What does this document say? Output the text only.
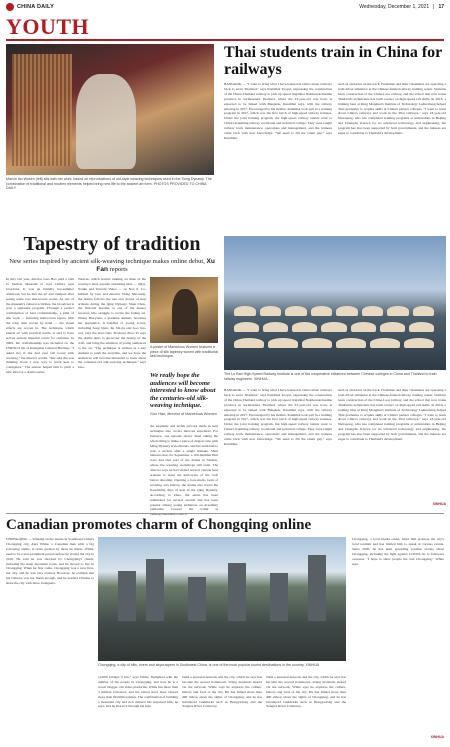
CHINA DAILY	Wednesday, December 1, 2021 | 17
YOUTH
Marvin lan Wosen (left) sits with her work, based on reproductions of old-style weaving techniques used in the Song Dynasty. The combination of traditional and modern elements helped bring new life to the ancient art form. PHOTOS PROVIDED TO CHINA DAILY
Thai students train in China for railways
BANGKOK — "I want to bring what I have learned in China about railways back to serve Thailand," says Kantithat Taoyai, expressing the construction of the China-Thailand railway to pick up speed. Rajabhat Nakhonratchasima province in northeastern Thailand, where the 23-year-old was born, is expected to be linked with Bangkok, Kantithat says, with the railway entering in 2017. Encouraged by his mother, Kantithat took part in a training program in 2017, which was the first batch of high-speed railway trainees. Under the joint training program, the high-speed railway talents went to China's Kunming railway vocational and technical college. They were taught railway track maintenance, operations and management, and the trainees came back with new knowledge. "We need to fill the talent gap," says Kantithat.
such as obstacles on the track. Freshmen and their classmates are operating a train driver simulator at the Chinese-funded railway training center. Students learn construction of the China-Laos railway, and the school that now trains Thailand's technicians has built contact on high-speed rail skills. In 2016, a training base at King Mongkut's Institute of Technology Ladkrabang helped Thai graduates to acquire skills at China's partner colleges. "I want to learn about China's railways and work in the Thai railways," says 23-year-old Nuttapong, who has completed training programs at universities in Beijing and Chengdu. Known for its advanced technology and engineering, the program has also been supported by both governments, and the trainees are eager to contribute to Thailand's development.
The Lu Ban High-Speed Railway Institute is one of the cooperative initiatives between Chinese colleges in China and Thailand to train railway engineers. XINHUA
BANGKOK — "I want to bring what I have learned in China about railways back to serve Thailand," says Kantithat Taoyai, expressing the construction of the China-Thailand railway to pick up speed. Rajabhat Nakhonratchasima province in northeastern Thailand, where the 23-year-old was born, is expected to be linked with Bangkok, Kantithat says, with the railway entering in 2017. Encouraged by his mother, Kantithat took part in a training program in 2017, which was the first batch of high-speed railway trainees. Under the joint training program, the high-speed railway talents went to China's Kunming railway vocational and technical college. They were taught railway track maintenance, operations and management, and the trainees came back with new knowledge. "We need to fill the talent gap," says Kantithat.
such as obstacles on the track. Freshmen and their classmates are operating a train driver simulator at the Chinese-funded railway training center. Students learn construction of the China-Laos railway, and the school that now trains Thailand's technicians has built contact on high-speed rail skills. In 2016, a training base at King Mongkut's Institute of Technology Ladkrabang helped Thai graduates to acquire skills at China's partner colleges. "I want to learn about China's railways and work in the Thai railways," says 23-year-old Nuttapong, who has completed training programs at universities in Beijing and Chengdu. Known for its advanced technology and engineering, the program has also been supported by both governments, and the trainees are eager to contribute to Thailand's development.
XINHUA
Tapestry of tradition
New series inspired by ancient silk-weaving technique makes online debut, Xu Fan reports
In July last year, director Guo Hao paid a visit to Suzhou Museum to host China's kesi broadcast. It was an initially hot-summer afternoon, but he met the art and trumped after seeing some rare silk-woven works. As one of the museum's cultural activities, the broadcast is now a signature program. Through a perfect combination of kesi craftsmanship, a kind of silk work — featuring interwoven layers, with the warp then woven by hand — the visual effects are woven in. The technique, which blends art with practical needs, is said to have served ancient imperial courts for centuries. In 2009, the craftsmanship was included on the UNESCO list of Intangible Cultural Heritage. "I asked her if she had ever felt bored with weaving," the director recalls. "She said she was thinking about a new way to teach kesi to youngsters." The answer helped him to pitch a new idea for a drama series.
Weaves, which started running on three of the country's most popular streaming sites — iQiyi, Youku and Tencent Video — on Nov 6. Co-helmed by Guo and director Wang Shu-neng, the drama follows the ups and downs of kesi artisans during the Qing Dynasty. Shen Chou, the fictional heroine, is one of the master weavers who struggle to revive the fading art. Zhang Hui-yuan, a graduate student, becomes her apprentice. A handful of young actors, including Song Qian, Jin Shi-jia and Gao Jun-wei, play the lead roles. Producer Zhao Yi says the drama aims to showcase the beauty of the craft, and bring the attention of young audiences to the art. "The technique is written as a key element to push the storyline, and we hope the audiences will become interested to learn about the centuries-old silk-weaving technique," says Guo.
A poster of Marvelous Women features a piece of silk tapestry woven with traditional kesi technique.
We really hope the audiences will become interested to know about the centuries-old silk-weaving technique.
Guo Hao, director of Marvelous Women
An exquisite and lavish artwork made in kesi technique also covers intricate structures. For instance, one episode shows Shen taking the whole thing to make a piece of dragon robe with Ming Dynasty style threads, and her team had to redo a section after a single mistake. Shen believes that, for September, a 100-member film crew had shot part of the drama in Suzhou, where the weaving workshops still exist. The director says he had visited several veteran kesi artisans to learn the intricacies of the craft before shooting. Opening a four-studio loom of weaving art's history, the drama also traces the flourishing days of kesi in the Qing Dynasty. According to Zhao, the series has been nominated for several awards and has been popular among young audiences on streaming platforms. Contact the writer at xufan@chinadaily.com.cn
Canadian promotes charm of Chongqing online
CHONGQING — Walking on the streets in Southwest China's Chongqing city, Alex White, a Canadian man with a big following online, is often greeted by those he meets. White, used to be a non-prominent person before he visited the city in 2016. He said he was shocked by Chongqing's charm, including the steep mountain roads, and he moved to live in Chongqing. When he first came, Chongqing was a new first-tier city, and he was very excited. However, he realized that his Chinese was not fluent enough, and he learned Chinese to share the city with more foreigners.
Chongqing, a city of hills, rivers and skyscrapers in Southwest China, is one of the most popular tourist destinations in the country. XINHUA
14,000 bridges it has," says White. Delighted with the number of the people in Chongqing, and now he is a travel blogger. On video platforms, White has more than 3 million followers, and his videos have been viewed more than 60 million times. The combination of building a mountain city and rich cultural life surprised him, he says, and he shares it through his lens.
build a personal network and the city, which he says has become his second hometown. Using materials shared via the network, White says he explores the culture, history and food of the city. He has filmed more than 400 videos about the sights of Chongqing, and he has introduced landmarks such as Hongyadong and the Yangtze River Cableway.
build a personal network and the city, which he says has become his second hometown. Using materials shared via the network, White says he explores the culture, history and food of the city. He has filmed more than 400 videos about the sights of Chongqing, and he has introduced landmarks such as Hongyadong and the Yangtze River Cableway.
Chongqing, a local media outlet, helps him promote the city's local tourism and has invited him to speak at various events. Since 2020, he has been spreading positive stories about Chongqing, including the fight against COVID-19, to followers overseas. "I hope to show people the real Chongqing," White says.
XINHUA
